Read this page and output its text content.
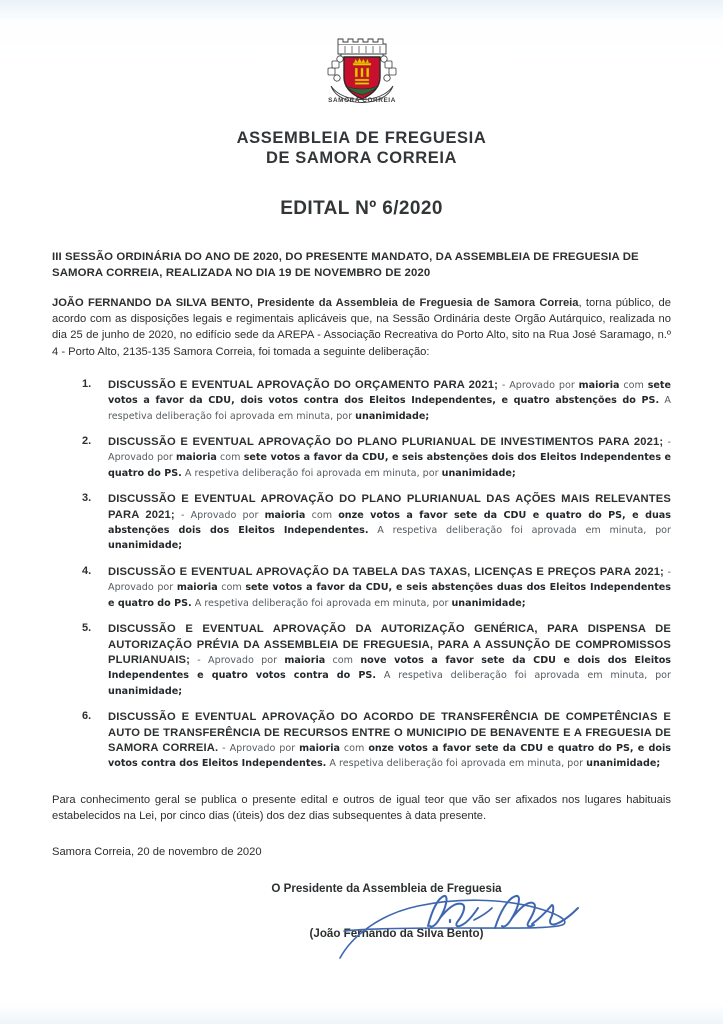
SAMORA CORREIA
ASSEMBLEIA DE FREGUESIA
DE SAMORA CORREIA
EDITAL Nº 6/2020

III SESSÃO ORDINÁRIA DO ANO DE 2020, DO PRESENTE MANDATO, DA ASSEMBLEIA DE FREGUESIA DE SAMORA CORREIA, REALIZADA NO DIA 19 DE NOVEMBRO DE 2020

JOÃO FERNANDO DA SILVA BENTO, Presidente da Assembleia de Freguesia de Samora Correia, torna público, de acordo com as disposições legais e regimentais aplicáveis que, na Sessão Ordinária deste Orgão Autárquico, realizada no dia 25 de junho de 2020, no edifício sede da AREPA - Associação Recreativa do Porto Alto, sito na Rua José Saramago, n.º 4 - Porto Alto, 2135-135 Samora Correia, foi tomada a seguinte deliberação:

DISCUSSÃO E EVENTUAL APROVAÇÃO DO ORÇAMENTO PARA 2021; - Aprovado por maioria com sete votos a favor da CDU, dois votos contra dos Eleitos Independentes, e quatro abstenções do PS. A respetiva deliberação foi aprovada em minuta, por unanimidade;
DISCUSSÃO E EVENTUAL APROVAÇÃO DO PLANO PLURIANUAL DE INVESTIMENTOS PARA 2021; - Aprovado por maioria com sete votos a favor da CDU, e seis abstenções dois dos Eleitos Independentes e quatro do PS. A respetiva deliberação foi aprovada em minuta, por unanimidade;
DISCUSSÃO E EVENTUAL APROVAÇÃO DO PLANO PLURIANUAL DAS AÇÕES MAIS RELEVANTES PARA 2021; - Aprovado por maioria com onze votos a favor sete da CDU e quatro do PS, e duas abstenções dois dos Eleitos Independentes. A respetiva deliberação foi aprovada em minuta, por unanimidade;
DISCUSSÃO E EVENTUAL APROVAÇÃO DA TABELA DAS TAXAS, LICENÇAS E PREÇOS PARA 2021; - Aprovado por maioria com sete votos a favor da CDU, e seis abstenções duas dos Eleitos Independentes e quatro do PS. A respetiva deliberação foi aprovada em minuta, por unanimidade;
DISCUSSÃO E EVENTUAL APROVAÇÃO DA AUTORIZAÇÃO GENÉRICA, PARA DISPENSA DE AUTORIZAÇÃO PRÉVIA DA ASSEMBLEIA DE FREGUESIA, PARA A ASSUNÇÃO DE COMPROMISSOS PLURIANUAIS; - Aprovado por maioria com nove votos a favor sete da CDU e dois dos Eleitos Independentes e quatro votos contra do PS. A respetiva deliberação foi aprovada em minuta, por unanimidade;
DISCUSSÃO E EVENTUAL APROVAÇÃO DO ACORDO DE TRANSFERÊNCIA DE COMPETÊNCIAS E AUTO DE TRANSFERÊNCIA DE RECURSOS ENTRE O MUNICIPIO DE BENAVENTE E A FREGUESIA DE SAMORA CORREIA. - Aprovado por maioria com onze votos a favor sete da CDU e quatro do PS, e dois votos contra dos Eleitos Independentes. A respetiva deliberação foi aprovada em minuta, por unanimidade;

Para conhecimento geral se publica o presente edital e outros de igual teor que vão ser afixados nos lugares habituais estabelecidos na Lei, por cinco dias (úteis) dos dez dias subsequentes à data presente.

Samora Correia, 20 de novembro de 2020

O Presidente da Assembleia de Freguesia
(João Fernando da Silva Bento)
